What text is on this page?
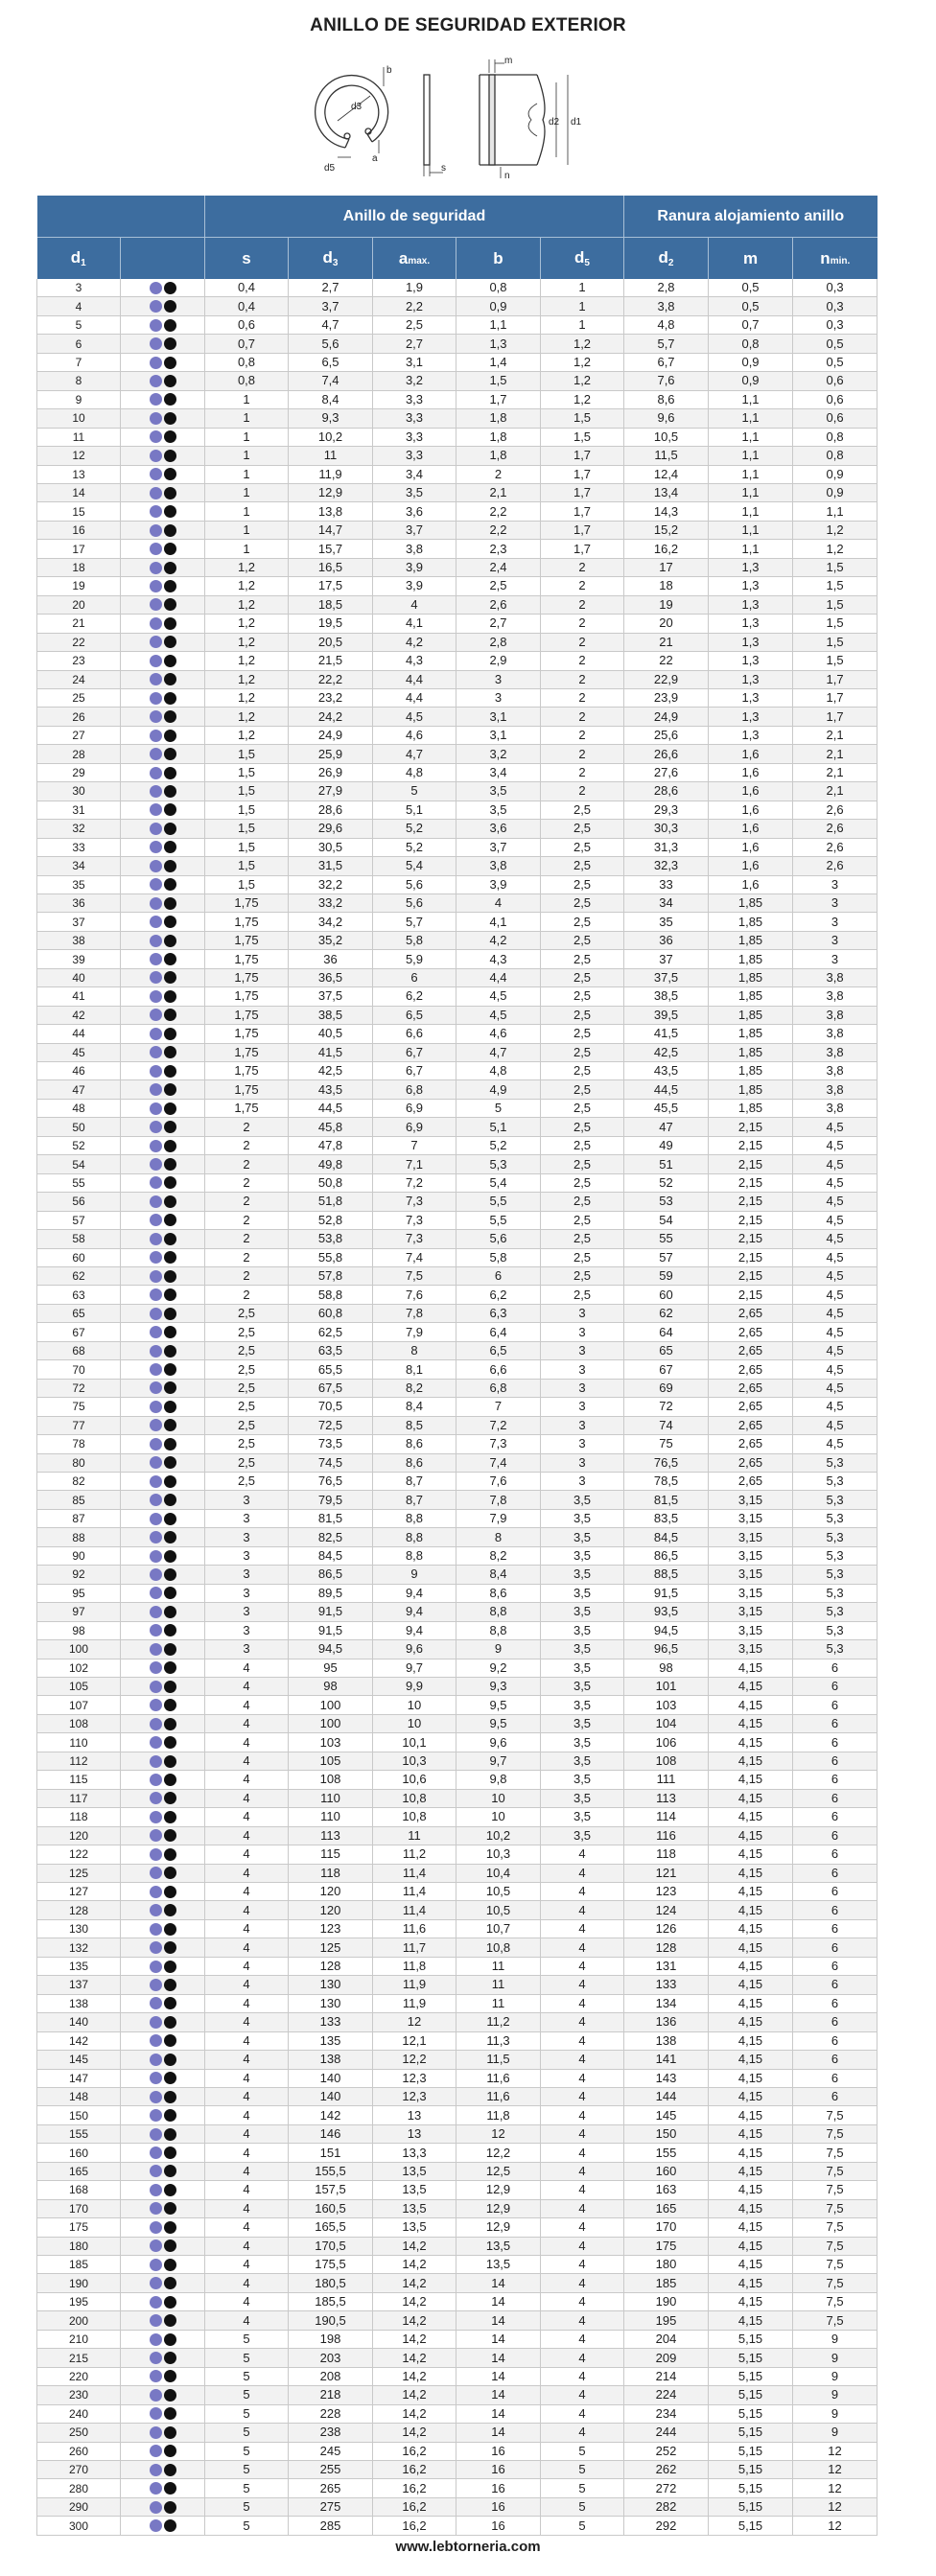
ANILLO DE SEGURIDAD EXTERIOR
d3
b
a
d5	s
m
n
d2 d1
		Anillo de seguridad					Ranura alojamiento anillo		
$d_1$		s	$d_3$	amax.	b	$d_5$	$d_2$	m	nmin.
3		0,4	2,7	1,9	0,8	1	2,8	0,5	0,3
4		0,4	3,7	2,2	0,9	1	3,8	0,5	0,3
5		0,6	4,7	2,5	1,1	1	4,8	0,7	0,3
6		0,7	5,6	2,7	1,3	1,2	5,7	0,8	0,5
7		0,8	6,5	3,1	1,4	1,2	6,7	0,9	0,5
8		0,8	7,4	3,2	1,5	1,2	7,6	0,9	0,6
9		1	8,4	3,3	1,7	1,2	8,6	1,1	0,6
10		1	9,3	3,3	1,8	1,5	9,6	1,1	0,6
11		1	10,2	3,3	1,8	1,5	10,5	1,1	0,8
12		1	11	3,3	1,8	1,7	11,5	1,1	0,8
13		1	11,9	3,4	2	1,7	12,4	1,1	0,9
14		1	12,9	3,5	2,1	1,7	13,4	1,1	0,9
15		1	13,8	3,6	2,2	1,7	14,3	1,1	1,1
16		1	14,7	3,7	2,2	1,7	15,2	1,1	1,2
17		1	15,7	3,8	2,3	1,7	16,2	1,1	1,2
18		1,2	16,5	3,9	2,4	2	17	1,3	1,5
19		1,2	17,5	3,9	2,5	2	18	1,3	1,5
20		1,2	18,5	4	2,6	2	19	1,3	1,5
21		1,2	19,5	4,1	2,7	2	20	1,3	1,5
22		1,2	20,5	4,2	2,8	2	21	1,3	1,5
23		1,2	21,5	4,3	2,9	2	22	1,3	1,5
24		1,2	22,2	4,4	3	2	22,9	1,3	1,7
25		1,2	23,2	4,4	3	2	23,9	1,3	1,7
26		1,2	24,2	4,5	3,1	2	24,9	1,3	1,7
27		1,2	24,9	4,6	3,1	2	25,6	1,3	2,1
28		1,5	25,9	4,7	3,2	2	26,6	1,6	2,1
29		1,5	26,9	4,8	3,4	2	27,6	1,6	2,1
30		1,5	27,9	5	3,5	2	28,6	1,6	2,1
31		1,5	28,6	5,1	3,5	2,5	29,3	1,6	2,6
32		1,5	29,6	5,2	3,6	2,5	30,3	1,6	2,6
33		1,5	30,5	5,2	3,7	2,5	31,3	1,6	2,6
34		1,5	31,5	5,4	3,8	2,5	32,3	1,6	2,6
35		1,5	32,2	5,6	3,9	2,5	33	1,6	3
36		1,75	33,2	5,6	4	2,5	34	1,85	3
37		1,75	34,2	5,7	4,1	2,5	35	1,85	3
38		1,75	35,2	5,8	4,2	2,5	36	1,85	3
39		1,75	36	5,9	4,3	2,5	37	1,85	3
40		1,75	36,5	6	4,4	2,5	37,5	1,85	3,8
41		1,75	37,5	6,2	4,5	2,5	38,5	1,85	3,8
42		1,75	38,5	6,5	4,5	2,5	39,5	1,85	3,8
44		1,75	40,5	6,6	4,6	2,5	41,5	1,85	3,8
45		1,75	41,5	6,7	4,7	2,5	42,5	1,85	3,8
46		1,75	42,5	6,7	4,8	2,5	43,5	1,85	3,8
47		1,75	43,5	6,8	4,9	2,5	44,5	1,85	3,8
48		1,75	44,5	6,9	5	2,5	45,5	1,85	3,8
50		2	45,8	6,9	5,1	2,5	47	2,15	4,5
52		2	47,8	7	5,2	2,5	49	2,15	4,5
54		2	49,8	7,1	5,3	2,5	51	2,15	4,5
55		2	50,8	7,2	5,4	2,5	52	2,15	4,5
56		2	51,8	7,3	5,5	2,5	53	2,15	4,5
57		2	52,8	7,3	5,5	2,5	54	2,15	4,5
58		2	53,8	7,3	5,6	2,5	55	2,15	4,5
60		2	55,8	7,4	5,8	2,5	57	2,15	4,5
62		2	57,8	7,5	6	2,5	59	2,15	4,5
63		2	58,8	7,6	6,2	2,5	60	2,15	4,5
65		2,5	60,8	7,8	6,3	3	62	2,65	4,5
67		2,5	62,5	7,9	6,4	3	64	2,65	4,5
68		2,5	63,5	8	6,5	3	65	2,65	4,5
70		2,5	65,5	8,1	6,6	3	67	2,65	4,5
72		2,5	67,5	8,2	6,8	3	69	2,65	4,5
75		2,5	70,5	8,4	7	3	72	2,65	4,5
77		2,5	72,5	8,5	7,2	3	74	2,65	4,5
78		2,5	73,5	8,6	7,3	3	75	2,65	4,5
80		2,5	74,5	8,6	7,4	3	76,5	2,65	5,3
82		2,5	76,5	8,7	7,6	3	78,5	2,65	5,3
85		3	79,5	8,7	7,8	3,5	81,5	3,15	5,3
87		3	81,5	8,8	7,9	3,5	83,5	3,15	5,3
88		3	82,5	8,8	8	3,5	84,5	3,15	5,3
90		3	84,5	8,8	8,2	3,5	86,5	3,15	5,3
92		3	86,5	9	8,4	3,5	88,5	3,15	5,3
95		3	89,5	9,4	8,6	3,5	91,5	3,15	5,3
97		3	91,5	9,4	8,8	3,5	93,5	3,15	5,3
98		3	91,5	9,4	8,8	3,5	94,5	3,15	5,3
100		3	94,5	9,6	9	3,5	96,5	3,15	5,3
102		4	95	9,7	9,2	3,5	98	4,15	6
105		4	98	9,9	9,3	3,5	101	4,15	6
107		4	100	10	9,5	3,5	103	4,15	6
108		4	100	10	9,5	3,5	104	4,15	6
110		4	103	10,1	9,6	3,5	106	4,15	6
112		4	105	10,3	9,7	3,5	108	4,15	6
115		4	108	10,6	9,8	3,5	111	4,15	6
117		4	110	10,8	10	3,5	113	4,15	6
118		4	110	10,8	10	3,5	114	4,15	6
120		4	113	11	10,2	3,5	116	4,15	6
122		4	115	11,2	10,3	4	118	4,15	6
125		4	118	11,4	10,4	4	121	4,15	6
127		4	120	11,4	10,5	4	123	4,15	6
128		4	120	11,4	10,5	4	124	4,15	6
130		4	123	11,6	10,7	4	126	4,15	6
132		4	125	11,7	10,8	4	128	4,15	6
135		4	128	11,8	11	4	131	4,15	6
137		4	130	11,9	11	4	133	4,15	6
138		4	130	11,9	11	4	134	4,15	6
140		4	133	12	11,2	4	136	4,15	6
142		4	135	12,1	11,3	4	138	4,15	6
145		4	138	12,2	11,5	4	141	4,15	6
147		4	140	12,3	11,6	4	143	4,15	6
148		4	140	12,3	11,6	4	144	4,15	6
150		4	142	13	11,8	4	145	4,15	7,5
155		4	146	13	12	4	150	4,15	7,5
160		4	151	13,3	12,2	4	155	4,15	7,5
165		4	155,5	13,5	12,5	4	160	4,15	7,5
168		4	157,5	13,5	12,9	4	163	4,15	7,5
170		4	160,5	13,5	12,9	4	165	4,15	7,5
175		4	165,5	13,5	12,9	4	170	4,15	7,5
180		4	170,5	14,2	13,5	4	175	4,15	7,5
185		4	175,5	14,2	13,5	4	180	4,15	7,5
190		4	180,5	14,2	14	4	185	4,15	7,5
195		4	185,5	14,2	14	4	190	4,15	7,5
200		4	190,5	14,2	14	4	195	4,15	7,5
210		5	198	14,2	14	4	204	5,15	9
215		5	203	14,2	14	4	209	5,15	9
220		5	208	14,2	14	4	214	5,15	9
230		5	218	14,2	14	4	224	5,15	9
240		5	228	14,2	14	4	234	5,15	9
250		5	238	14,2	14	4	244	5,15	9
260		5	245	16,2	16	5	252	5,15	12
270		5	255	16,2	16	5	262	5,15	12
280		5	265	16,2	16	5	272	5,15	12
290		5	275	16,2	16	5	282	5,15	12
300		5	285	16,2	16	5	292	5,15	12
www.lebtorneria.com
